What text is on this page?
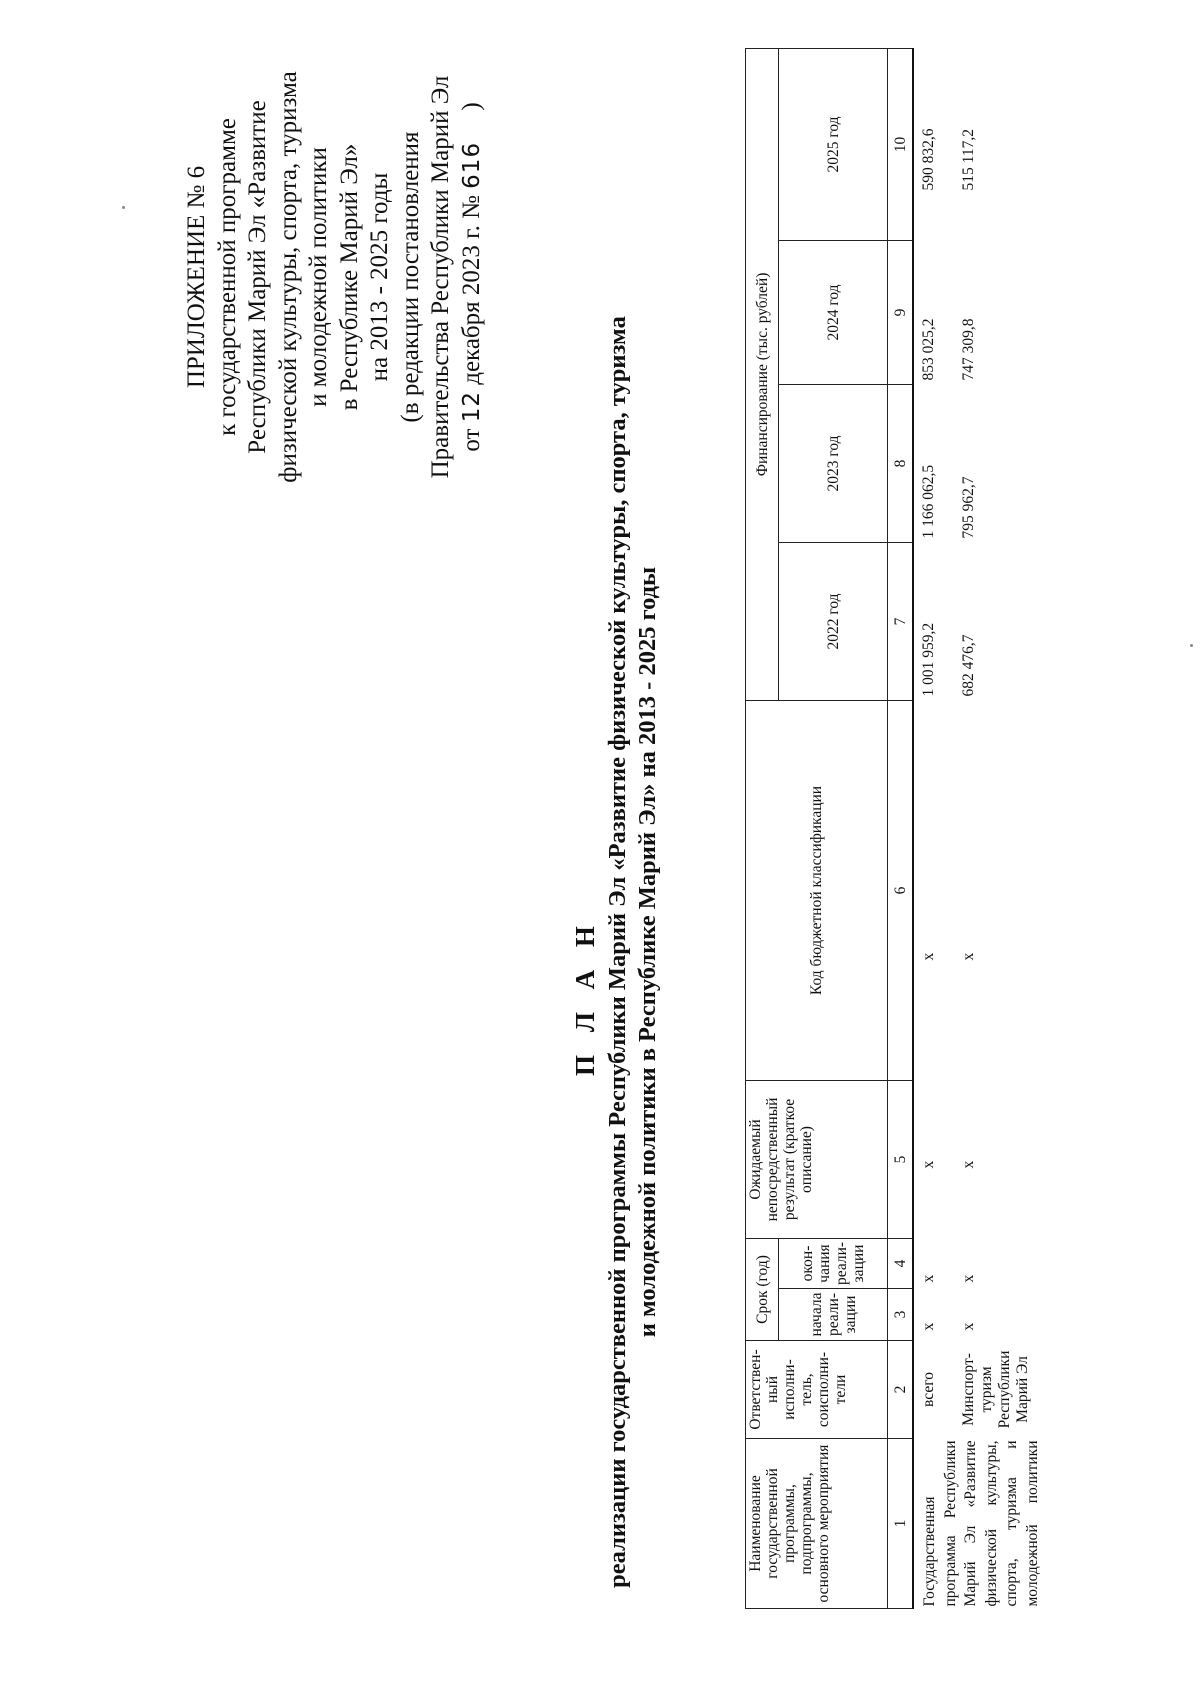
ПРИЛОЖЕНИЕ № 6 к государственной программе Республики Марий Эл «Развитие физической культуры, спорта, туризма и молодежной политики в Республике Марий Эл» на 2013 - 2025 годы (в редакции постановления Правительства Республики Марий Эл от 12 декабря 2023 г. № 616     )
П Л А Н реализации государственной программы Республики Марий Эл «Развитие физической культуры, спорта, туризма и молодежной политики в Республике Марий Эл» на 2013 - 2025 годы
Наименование государственной программы, подпрограммы, основного мероприятия	Ответствен-ный исполни-тель, соисполни-тели	Срок (год)		Ожидаемый непосредственный результат (краткое описание)	Код бюджетной классификации	Финансирование (тыс. рублей)			
		начала реали-зации	окон-чания реали-зации			2022 год	2023 год	2024 год	2025 год
1	2	3	4	5	6	7	8	9	10
Государственная программа Республики Марий Эл «Развитие физической культуры, спорта, туризма и молодежной политики	всего	x	x	x	x	1 001 959,2	1 166 062,5	853 025,2	590 832,6
	Минспорт-туризм Республики Марий Эл	x	x	x	x	682 476,7	795 962,7	747 309,8	515 117,2
